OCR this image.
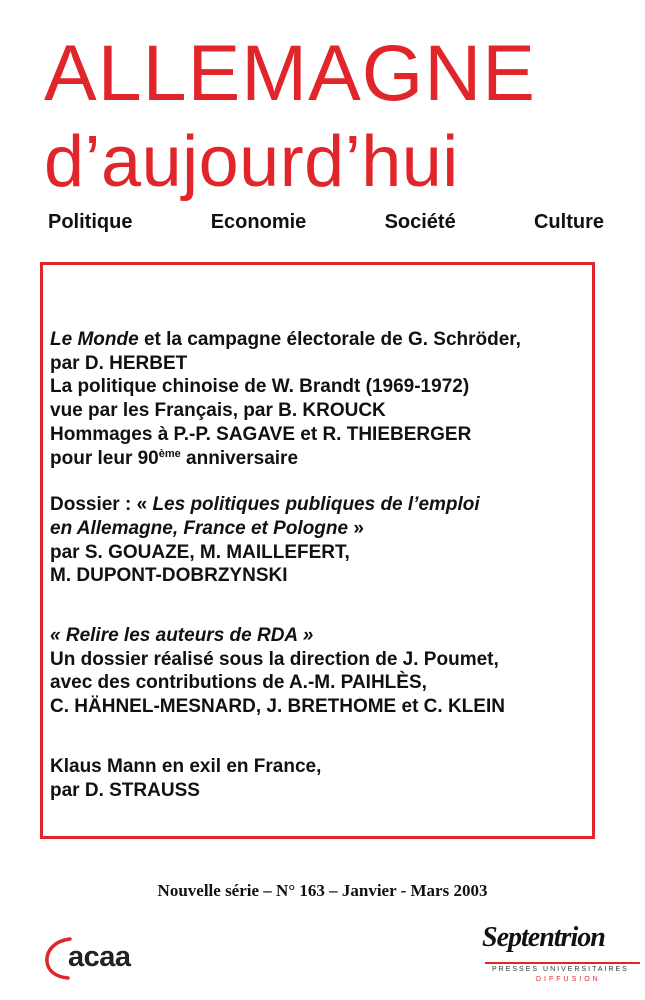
ALLEMAGNE
d’aujourd’hui
Politique	Economie	Société	Culture

Le Monde et la campagne électorale de G. Schröder,

par D. HERBET

La politique chinoise de W. Brandt (1969-1972)

vue par les Français, par B. KROUCK

Hommages à P.-P. SAGAVE et R. THIEBERGER

pour leur 90ème anniversaire

Dossier : « Les politiques publiques de l’emploi

en Allemagne, France et Pologne »

par S. GOUAZE, M. MAILLEFERT,

M. DUPONT-DOBRZYNSKI

« Relire les auteurs de RDA »

Un dossier réalisé sous la direction de J. Poumet,

avec des contributions de A.-M. PAIHLÈS,

C. HÄHNEL-MESNARD, J. BRETHOME et C. KLEIN

Klaus Mann en exil en France,

par D. STRAUSS

Nouvelle série – N° 163 – Janvier - Mars 2003
acaa
Septentrion
PRESSES UNIVERSITAIRES
DIFFUSION
